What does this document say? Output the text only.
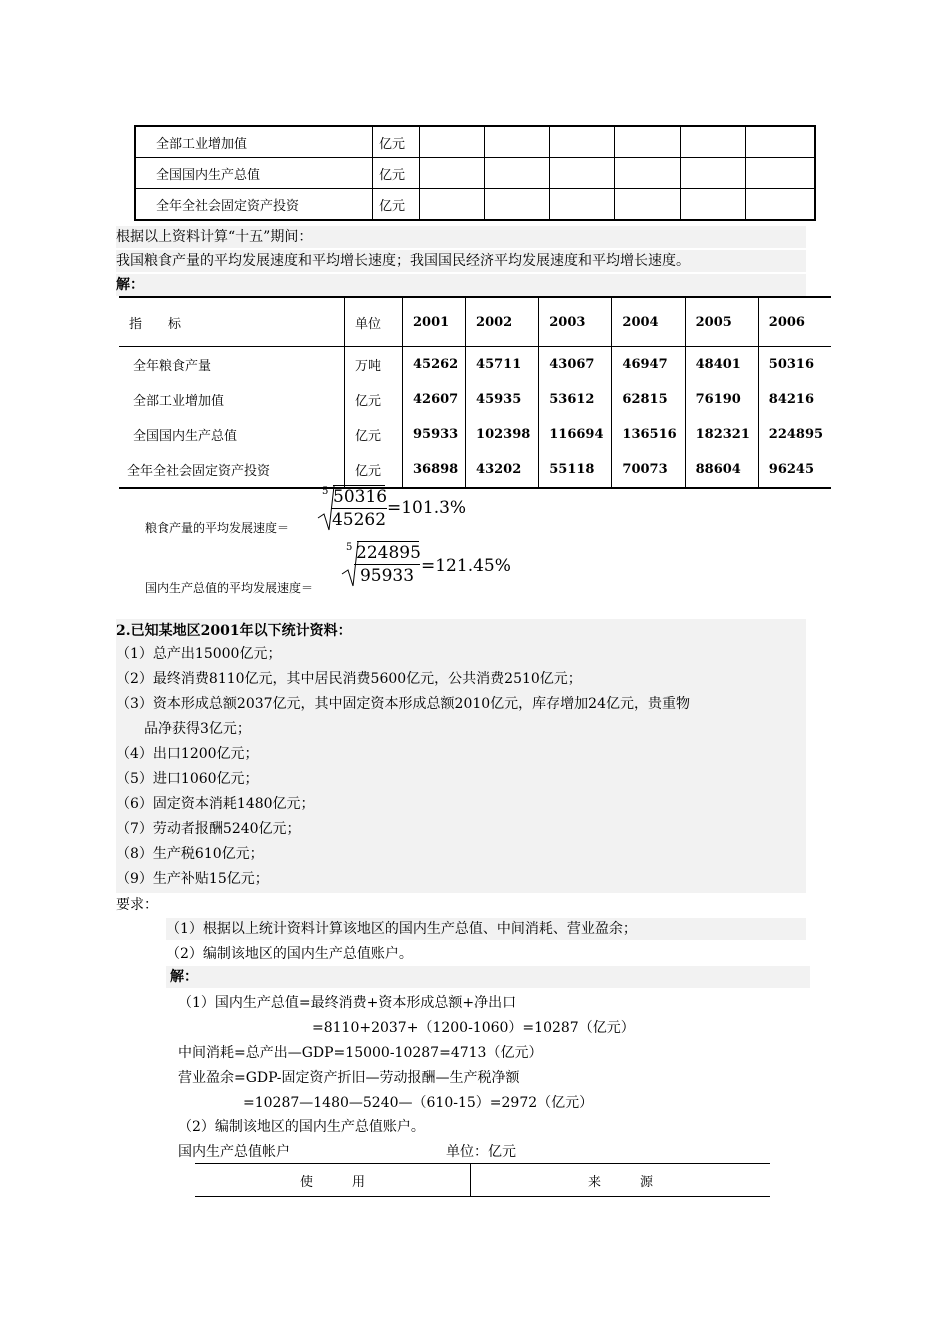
全部工业增加值	亿元						
全国国内生产总值	亿元						
全年全社会固定资产投资	亿元						
根据以上资料计算“十五”期间：
我国粮食产量的平均发展速度和平均增长速度；我国国民经济平均发展速度和平均增长速度。
解：
指　　标	单位	2001	2002	2003	2004	2005	2006
全年粮食产量	万吨	45262	45711	43067	46947	48401	50316
全部工业增加值	亿元	42607	45935	53612	62815	76190	84216
全国国内生产总值	亿元	95933	102398	116694	136516	182321	224895
全年全社会固定资产投资	亿元	36898	43202	55118	70073	88604	96245
粮食产量的平均发展速度＝
$5 \frac{50316}{45262} =101.3\%$
国内生产总值的平均发展速度＝
$5 \frac{224895}{95933} =121.45\%$
2.已知某地区2001年以下统计资料：
（1）总产出15000亿元；
（2）最终消费8110亿元，其中居民消费5600亿元，公共消费2510亿元；
（3）资本形成总额2037亿元，其中固定资本形成总额2010亿元，库存增加24亿元，贵重物
品净获得3亿元；
（4）出口1200亿元；
（5）进口1060亿元；
（6）固定资本消耗1480亿元；
（7）劳动者报酬5240亿元；
（8）生产税610亿元；
（9）生产补贴15亿元；
要求：
（1）根据以上统计资料计算该地区的国内生产总值、中间消耗、营业盈余；
（2）编制该地区的国内生产总值账户。
解：
（1）国内生产总值=最终消费+资本形成总额+净出口
=8110+2037+（1200-1060）=10287（亿元）
中间消耗=总产出—GDP=15000-10287=4713（亿元）
营业盈余=GDP-固定资产折旧—劳动报酬—生产税净额
=10287—1480—5240—（610-15）=2972（亿元）
（2）编制该地区的国内生产总值账户。
国内生产总值帐户	单位：亿元
使　　　用	来　　　源
